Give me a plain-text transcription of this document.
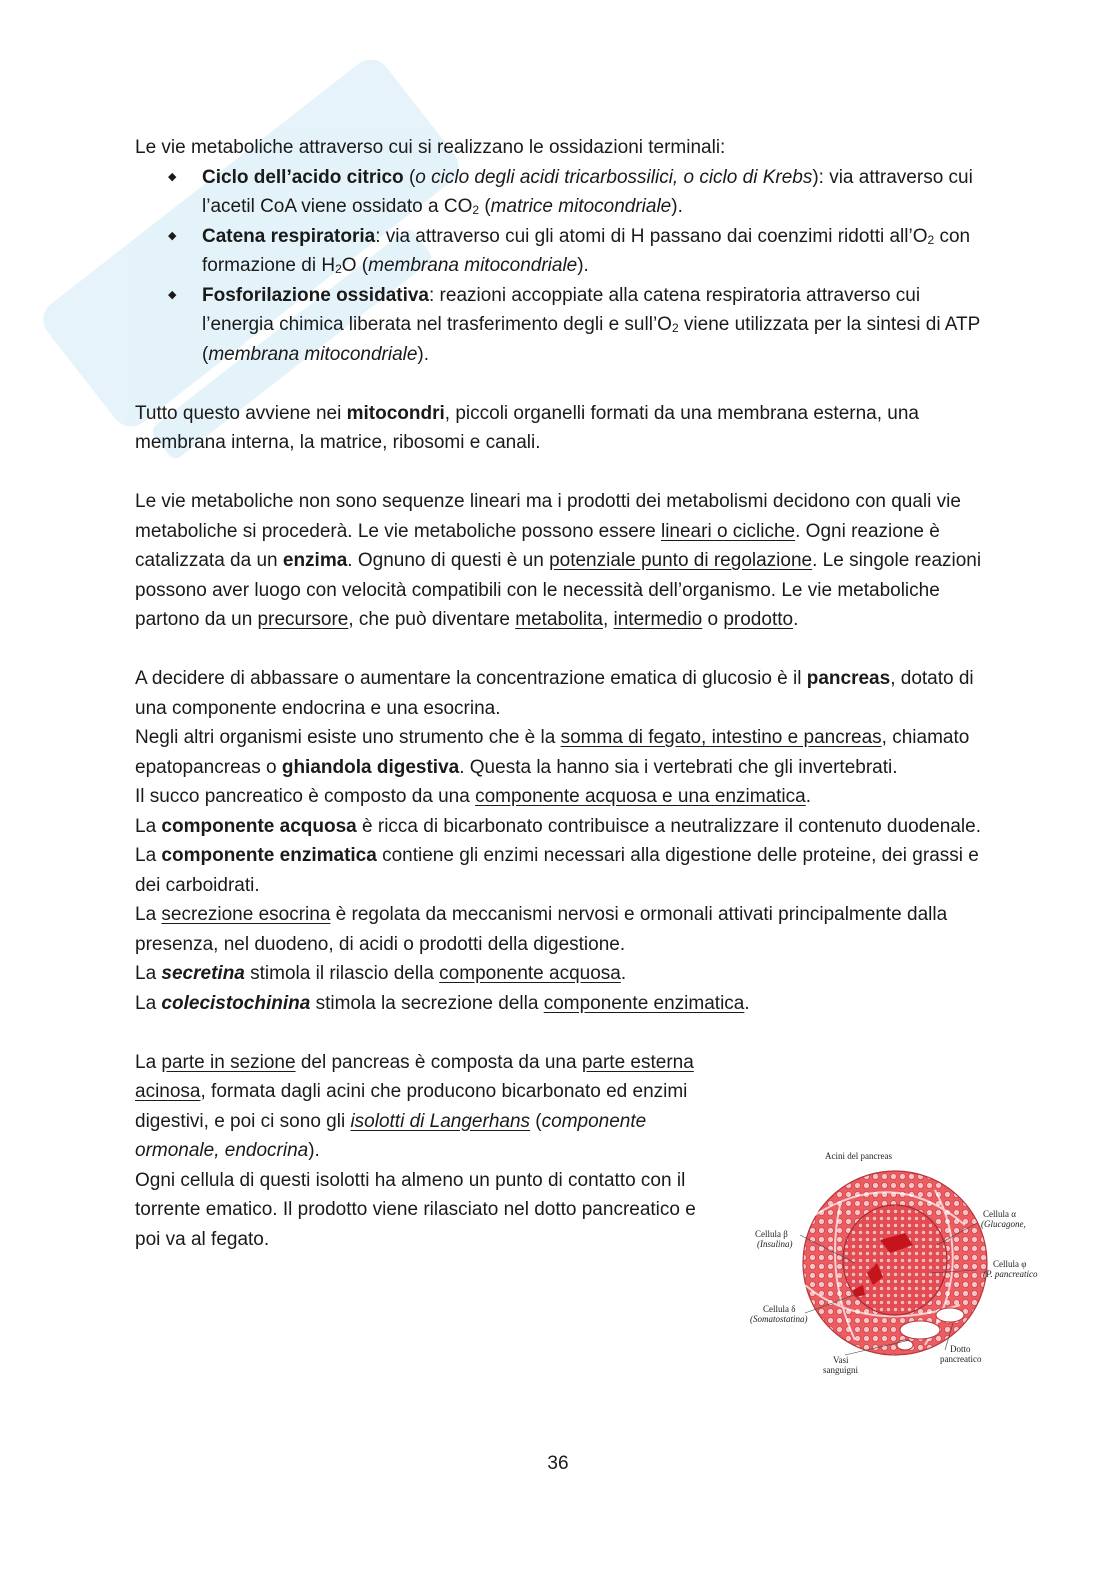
Le vie metaboliche attraverso cui si realizzano le ossidazioni terminali:

◆ Ciclo dell’acido citrico (o ciclo degli acidi tricarbossilici, o ciclo di Krebs): via attraverso cui l’acetil CoA viene ossidato a $CO_2$ (matrice mitocondriale).
◆ Catena respiratoria: via attraverso cui gli atomi di H passano dai coenzimi ridotti $all’O_2$ con formazione di $H_2O$ (membrana mitocondriale).
◆ Fosforilazione ossidativa: reazioni accoppiate alla catena respiratoria attraverso cui l’energia chimica liberata nel trasferimento degli e $sull’O_2$ viene utilizzata per la sintesi di ATP (membrana mitocondriale).

Tutto questo avviene nei mitocondri, piccoli organelli formati da una membrana esterna, una membrana interna, la matrice, ribosomi e canali.

Le vie metaboliche non sono sequenze lineari ma i prodotti dei metabolismi decidono con quali vie metaboliche si procederà. Le vie metaboliche possono essere lineari o cicliche. Ogni reazione è catalizzata da un enzima. Ognuno di questi è un potenziale punto di regolazione. Le singole reazioni possono aver luogo con velocità compatibili con le necessità dell’organismo. Le vie metaboliche partono da un precursore, che può diventare metabolita, intermedio o prodotto.

A decidere di abbassare o aumentare la concentrazione ematica di glucosio è il pancreas, dotato di una componente endocrina e una esocrina.

Negli altri organismi esiste uno strumento che è la somma di fegato, intestino e pancreas, chiamato epatopancreas o ghiandola digestiva. Questa la hanno sia i vertebrati che gli invertebrati.

Il succo pancreatico è composto da una componente acquosa e una enzimatica.

La componente acquosa è ricca di bicarbonato contribuisce a neutralizzare il contenuto duodenale.

La componente enzimatica contiene gli enzimi necessari alla digestione delle proteine, dei grassi e dei carboidrati.

La secrezione esocrina è regolata da meccanismi nervosi e ormonali attivati principalmente dalla presenza, nel duodeno, di acidi o prodotti della digestione.

La secretina stimola il rilascio della componente acquosa.

La colecistochinina stimola la secrezione della componente enzimatica.

La parte in sezione del pancreas è composta da una parte esterna acinosa, formata dagli acini che producono bicarbonato ed enzimi digestivi, e poi ci sono gli isolotti di Langerhans (componente ormonale, endocrina).

Ogni cellula di questi isolotti ha almeno un punto di contatto con il torrente ematico. Il prodotto viene rilasciato nel dotto pancreatico e poi va al fegato.

Acini del pancreas
Cellula β
(Insulina)
Cellula α
(Glucagone,
Cellula φ
(P. pancreatico
Cellula δ
(Somatostatina)
Vasi
sanguigni
Dotto
pancreatico
36
